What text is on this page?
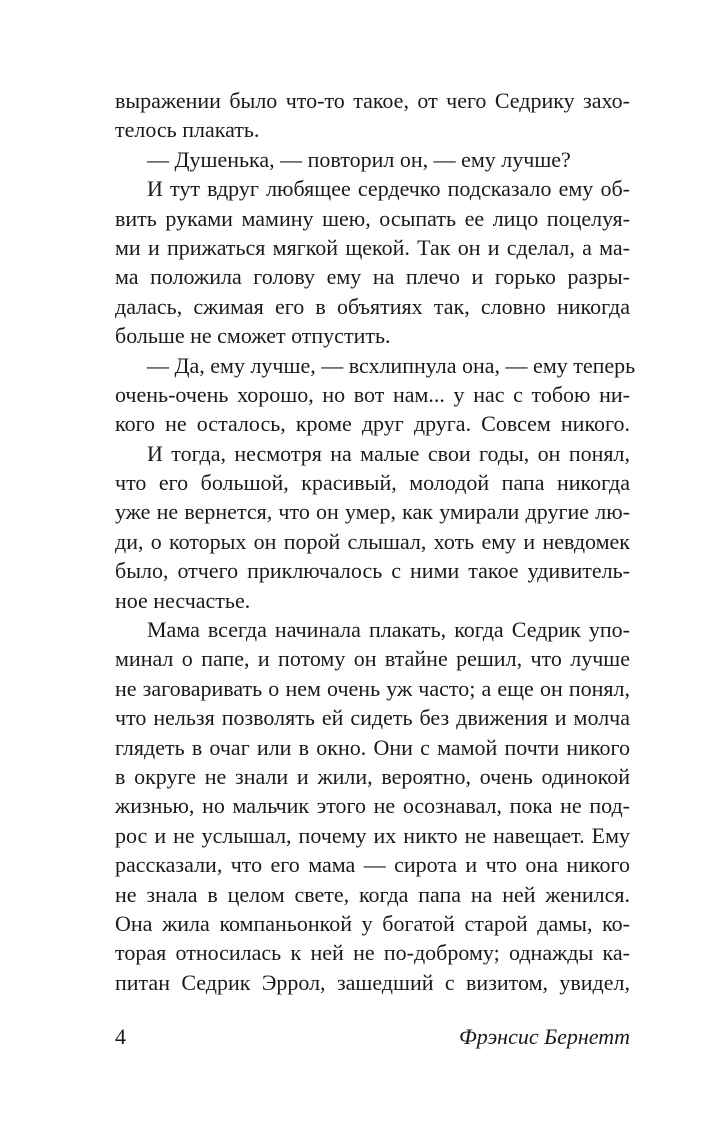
выражении было что-то такое, от чего Седрику захо-
телось плакать.
— Душенька, — повторил он, — ему лучше?
И тут вдруг любящее сердечко подсказало ему об-
вить руками мамину шею, осыпать ее лицо поцелуя-
ми и прижаться мягкой щекой. Так он и сделал, а ма-
ма положила голову ему на плечо и горько разры-
далась, сжимая его в объятиях так, словно никогда
больше не сможет отпустить.
— Да, ему лучше, — всхлипнула она, — ему теперь
очень-очень хорошо, но вот нам... у нас с тобою ни-
кого не осталось, кроме друг друга. Совсем никого.
И тогда, несмотря на малые свои годы, он понял,
что его большой, красивый, молодой папа никогда
уже не вернется, что он умер, как умирали другие лю-
ди, о которых он порой слышал, хоть ему и невдомек
было, отчего приключалось с ними такое удивитель-
ное несчастье.
Мама всегда начинала плакать, когда Седрик упо-
минал о папе, и потому он втайне решил, что лучше
не заговаривать о нем очень уж часто; а еще он понял,
что нельзя позволять ей сидеть без движения и молча
глядеть в очаг или в окно. Они с мамой почти никого
в округе не знали и жили, вероятно, очень одинокой
жизнью, но мальчик этого не осознавал, пока не под-
рос и не услышал, почему их никто не навещает. Ему
рассказали, что его мама — сирота и что она никого
не знала в целом свете, когда папа на ней женился.
Она жила компаньонкой у богатой старой дамы, ко-
торая относилась к ней не по-доброму; однажды ка-
питан Седрик Эррол, зашедший с визитом, увидел,
4	Фрэнсис Бернетт
